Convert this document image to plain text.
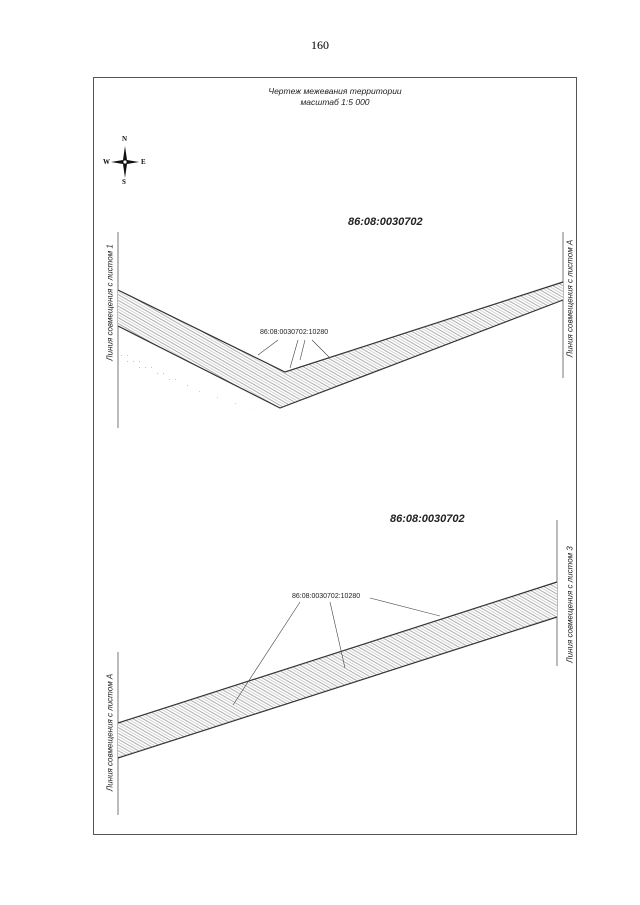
160
Чертеж межевания территории
масштаб 1:5 000
N
S
E
W
86:08:0030702
86:08:0030702:10280
Линия совмещения с листом 1	Линия совмещения с листом А
86:08:0030702
86:08:0030702:10280
Линия совмещения с листом А
Линия совмещения с листом 3
